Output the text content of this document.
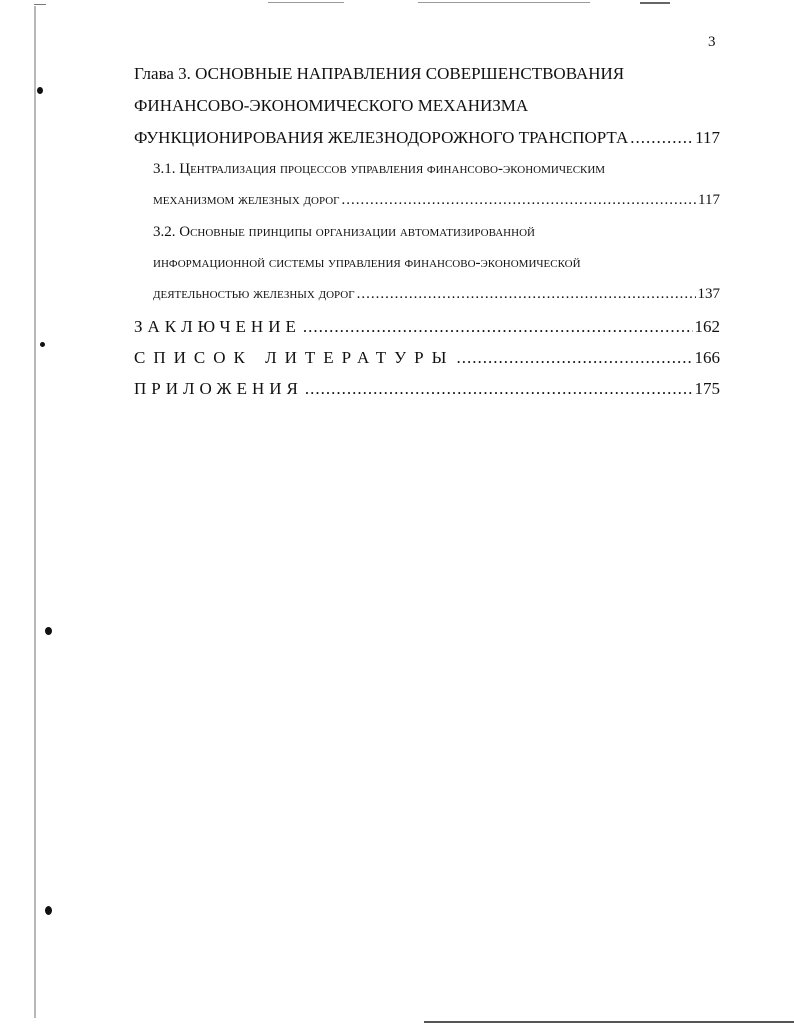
3
Глава 3. ОСНОВНЫЕ НАПРАВЛЕНИЯ СОВЕРШЕНСТВОВАНИЯ
ФИНАНСОВО-ЭКОНОМИЧЕСКОГО МЕХАНИЗМА
ФУНКЦИОНИРОВАНИЯ ЖЕЛЕЗНОДОРОЖНОГО ТРАНСПОРТА .....	117
3.1. Централизация процессов управления финансово-экономическим
механизмом железных дорог .....	117
3.2. Основные принципы организации автоматизированной
информационной системы управления финансово-экономической
деятельностью железных дорог .....	137
ЗАКЛЮЧЕНИЕ .....	162
СПИСОК ЛИТЕРАТУРЫ .....	166
ПРИЛОЖЕНИЯ .....	175
